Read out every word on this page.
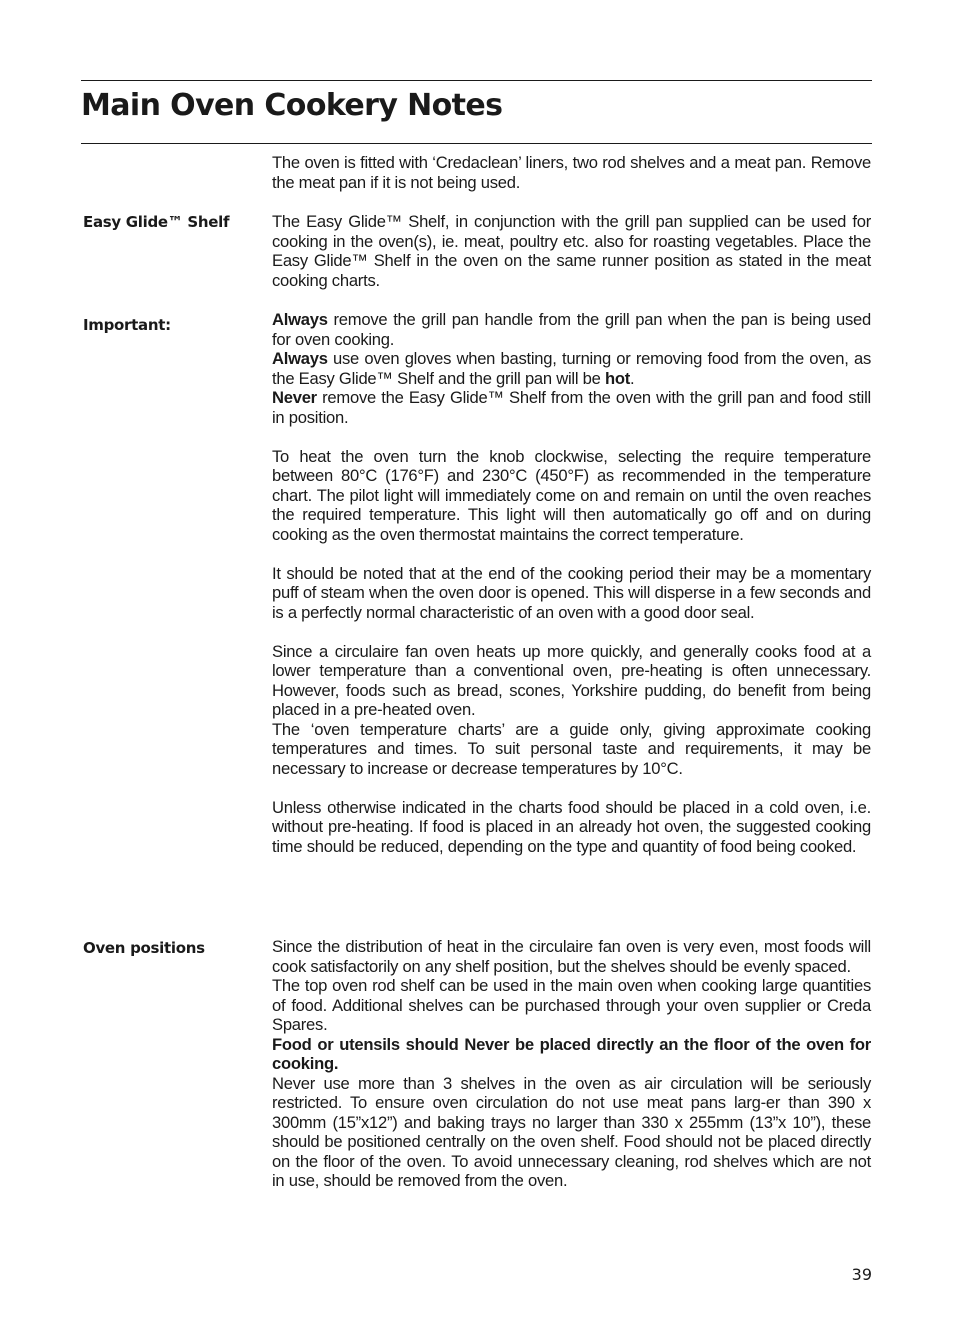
Main Oven Cookery Notes
Easy Glide™ Shelf
Important:
Oven positions

The oven is fitted with ‘Credaclean’ liners, two rod shelves and a meat pan. Remove the meat pan if it is not being used.

The Easy Glide™ Shelf, in conjunction with the grill pan supplied can be used for cooking in the oven(s), ie. meat, poultry etc. also for roasting vegetables. Place the Easy Glide™ Shelf in the oven on the same runner position as stated in the meat cooking charts.

Always remove the grill pan handle from the grill pan when the pan is being used for oven cooking.

Always use oven gloves when basting, turning or removing food from the oven, as the Easy Glide™ Shelf and the grill pan will be hot.

Never remove the Easy Glide™ Shelf from the oven with the grill pan and food still in position.

To heat the oven turn the knob clockwise, selecting the require temperature between 80°C (176°F) and 230°C (450°F) as recommended in the temperature chart. The pilot light will immediately come on and remain on until the oven reaches the required temperature. This light will then automatically go off and on during cooking as the oven thermostat maintains the correct temperature.

It should be noted that at the end of the cooking period their may be a momentary puff of steam when the oven door is opened. This will disperse in a few seconds and is a perfectly normal characteristic of an oven with a good door seal.

Since a circulaire fan oven heats up more quickly, and generally cooks food at a lower temperature than a conventional oven, pre-heating is often unnecessary. However, foods such as bread, scones, Yorkshire pudding, do benefit from being placed in a pre-heated oven.

The ‘oven temperature charts’ are a guide only, giving approximate cooking temperatures and times. To suit personal taste and requirements, it may be necessary to increase or decrease temperatures by 10°C.

Unless otherwise indicated in the charts food should be placed in a cold oven, i.e. without pre-heating. If food is placed in an already hot oven, the suggested cooking time should be reduced, depending on the type and quantity of food being cooked.

Since the distribution of heat in the circulaire fan oven is very even, most foods will cook satisfactorily on any shelf position, but the shelves should be evenly spaced.

The top oven rod shelf can be used in the main oven when cooking large quantities of food. Additional shelves can be purchased through your oven supplier or Creda Spares.

Food or utensils should Never be placed directly an the floor of the oven for cooking.

Never use more than 3 shelves in the oven as air circulation will be seriously restricted. To ensure oven circulation do not use meat pans larg-er than 390 x 300mm (15”x12”) and baking trays no larger than 330 x 255mm (13”x 10”), these should be positioned centrally on the oven shelf. Food should not be placed directly on the floor of the oven. To avoid unnecessary cleaning, rod shelves which are not in use, should be removed from the oven.

39
